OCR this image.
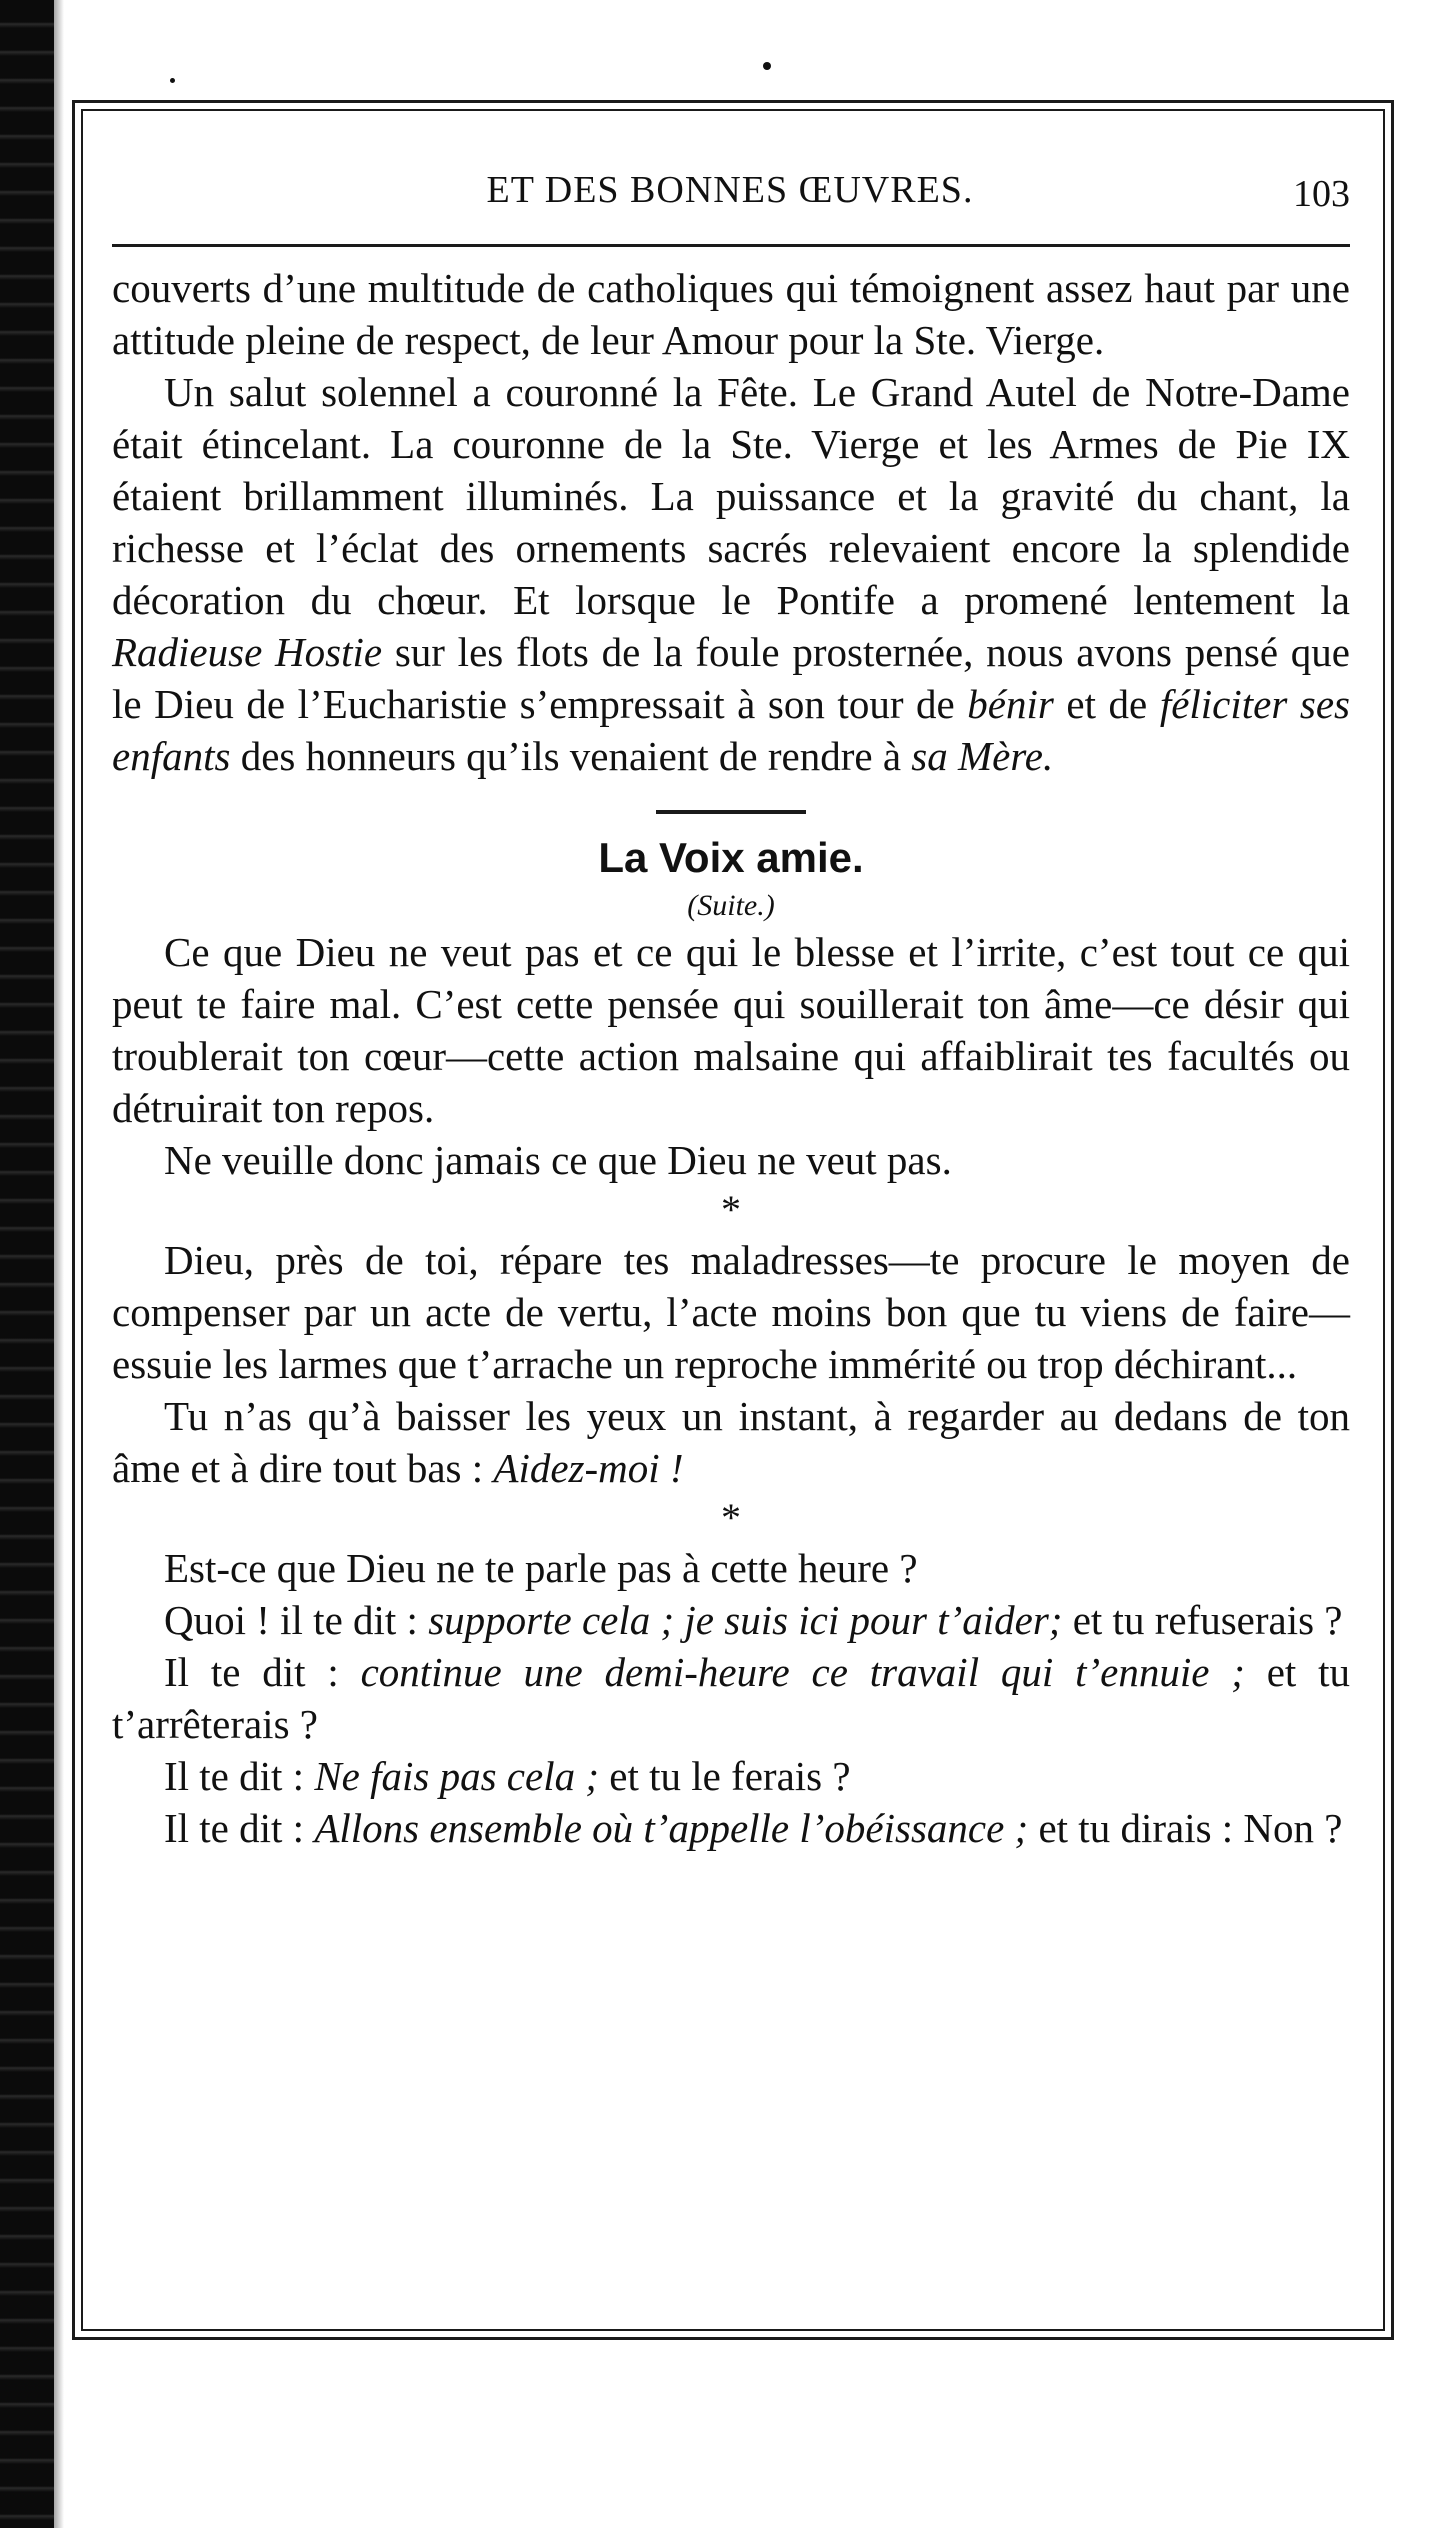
ET DES BONNES ŒUVRES.	103

couverts d’une multitude de catholiques qui témoignent assez haut par une attitude pleine de respect, de leur Amour pour la Ste. Vierge.

Un salut solennel a couronné la Fête. Le Grand Autel de Notre-Dame était étincelant. La couronne de la Ste. Vierge et les Armes de Pie IX étaient brillamment illuminés. La puissance et la gravité du chant, la richesse et l’éclat des ornements sacrés relevaient encore la splendide décoration du chœur. Et lorsque le Pontife a promené lentement la Radieuse Hostie sur les flots de la foule prosternée, nous avons pensé que le Dieu de l’Eucharistie s’empressait à son tour de bénir et de féliciter ses enfants des honneurs qu’ils venaient de rendre à sa Mère.

La Voix amie.

(Suite.)

Ce que Dieu ne veut pas et ce qui le blesse et l’irrite, c’est tout ce qui peut te faire mal. C’est cette pensée qui souillerait ton âme—ce désir qui troublerait ton cœur—cette action malsaine qui affaiblirait tes facultés ou détruirait ton repos.

Ne veuille donc jamais ce que Dieu ne veut pas.

*

Dieu, près de toi, répare tes maladresses—te procure le moyen de compenser par un acte de vertu, l’acte moins bon que tu viens de faire—essuie les larmes que t’arrache un reproche immérité ou trop déchirant...

Tu n’as qu’à baisser les yeux un instant, à regarder au dedans de ton âme et à dire tout bas : Aidez-moi !

*

Est-ce que Dieu ne te parle pas à cette heure ?

Quoi ! il te dit : supporte cela ; je suis ici pour t’aider; et tu refuserais ?

Il te dit : continue une demi-heure ce travail qui t’ennuie ; et tu t’arrêterais ?

Il te dit : Ne fais pas cela ; et tu le ferais ?

Il te dit : Allons ensemble où t’appelle l’obéissance ; et tu dirais : Non ?
